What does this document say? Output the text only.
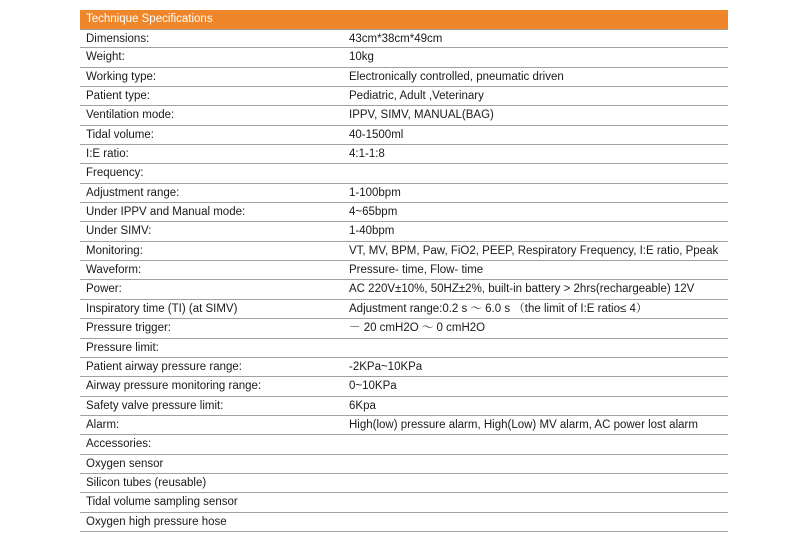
Technique Specifications
Dimensions:	43cm*38cm*49cm
Weight:	10kg
Working type:	Electronically controlled, pneumatic driven
Patient type:	Pediatric, Adult ,Veterinary
Ventilation mode:	IPPV, SIMV, MANUAL(BAG)
Tidal volume:	40-1500ml
I:E ratio:	4:1-1:8
Frequency:
Adjustment range:	1-100bpm
Under IPPV and Manual mode:	4~65bpm
Under SIMV:	1-40bpm
Monitoring:	VT, MV, BPM, Paw, FiO2, PEEP, Respiratory Frequency, I:E ratio, Ppeak
Waveform:	Pressure- time, Flow- time
Power:	AC 220V±10%, 50HZ±2%, built-in battery > 2hrs(rechargeable) 12V
Inspiratory time (TI) (at SIMV)	Adjustment range:0.2 s ～ 6.0 s （the limit of I:E ratio≤ 4）
Pressure trigger:	－ 20 cmH2O ～ 0 cmH2O
Pressure limit:
Patient airway pressure range:	-2KPa~10KPa
Airway pressure monitoring range:	0~10KPa
Safety valve pressure limit:	6Kpa
Alarm:	High(low) pressure alarm, High(Low) MV alarm, AC power lost alarm
Accessories:
Oxygen sensor
Silicon tubes (reusable)
Tidal volume sampling sensor
Oxygen high pressure hose
